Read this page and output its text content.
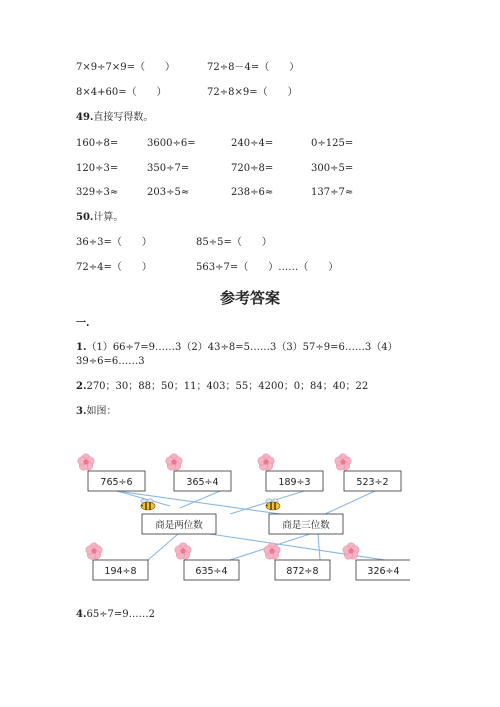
7×9÷7×9=（　　）	72÷8－4=（　　）
8×4+60=（　　）	72÷8×9=（　　）
49.直接写得数。
160÷8=	3600÷6=	240÷4=	0÷125=
120÷3=	350÷7=	720÷8=	300÷5=
329÷3≈	203÷5≈	238÷6≈	137÷7≈
50.计算。
36÷3=（　　）	85÷5=（　　）
72÷4=（　　）	563÷7=（　　）……（　　）
参考答案
一.
1.（1）66÷7=9……3（2）43÷8=5……3（3）57÷9=6……3（4）
39÷6=6……3
2.270；30；88；50；11；403；55；4200；0；84；40；22
3.如图：
765÷6	365÷4	189÷3	523÷2
商是两位数	商是三位数
194÷8	635÷4	872÷8	326÷4
4.65÷7=9……2
